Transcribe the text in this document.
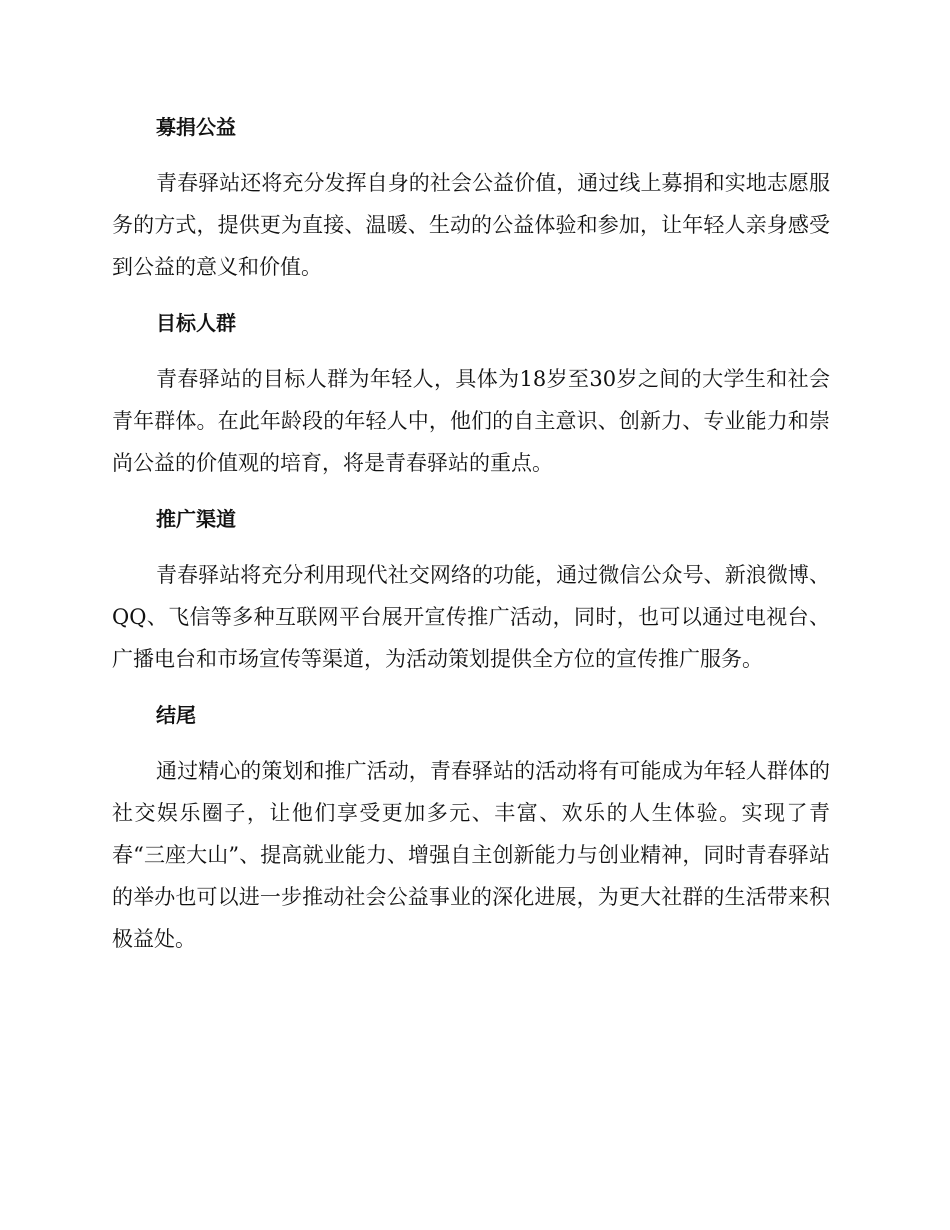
募捐公益

青春驿站还将充分发挥自身的社会公益价值，通过线上募捐和实地志愿服务的方式，提供更为直接、温暖、生动的公益体验和参加，让年轻人亲身感受到公益的意义和价值。

目标人群

青春驿站的目标人群为年轻人，具体为18岁至30岁之间的大学生和社会青年群体。在此年龄段的年轻人中，他们的自主意识、创新力、专业能力和崇尚公益的价值观的培育，将是青春驿站的重点。

推广渠道

青春驿站将充分利用现代社交网络的功能，通过微信公众号、新浪微博、QQ、飞信等多种互联网平台展开宣传推广活动，同时，也可以通过电视台、广播电台和市场宣传等渠道，为活动策划提供全方位的宣传推广服务。

结尾

通过精心的策划和推广活动，青春驿站的活动将有可能成为年轻人群体的社交娱乐圈子，让他们享受更加多元、丰富、欢乐的人生体验。实现了青春“三座大山”、提高就业能力、增强自主创新能力与创业精神，同时青春驿站的举办也可以进一步推动社会公益事业的深化进展，为更大社群的生活带来积极益处。
